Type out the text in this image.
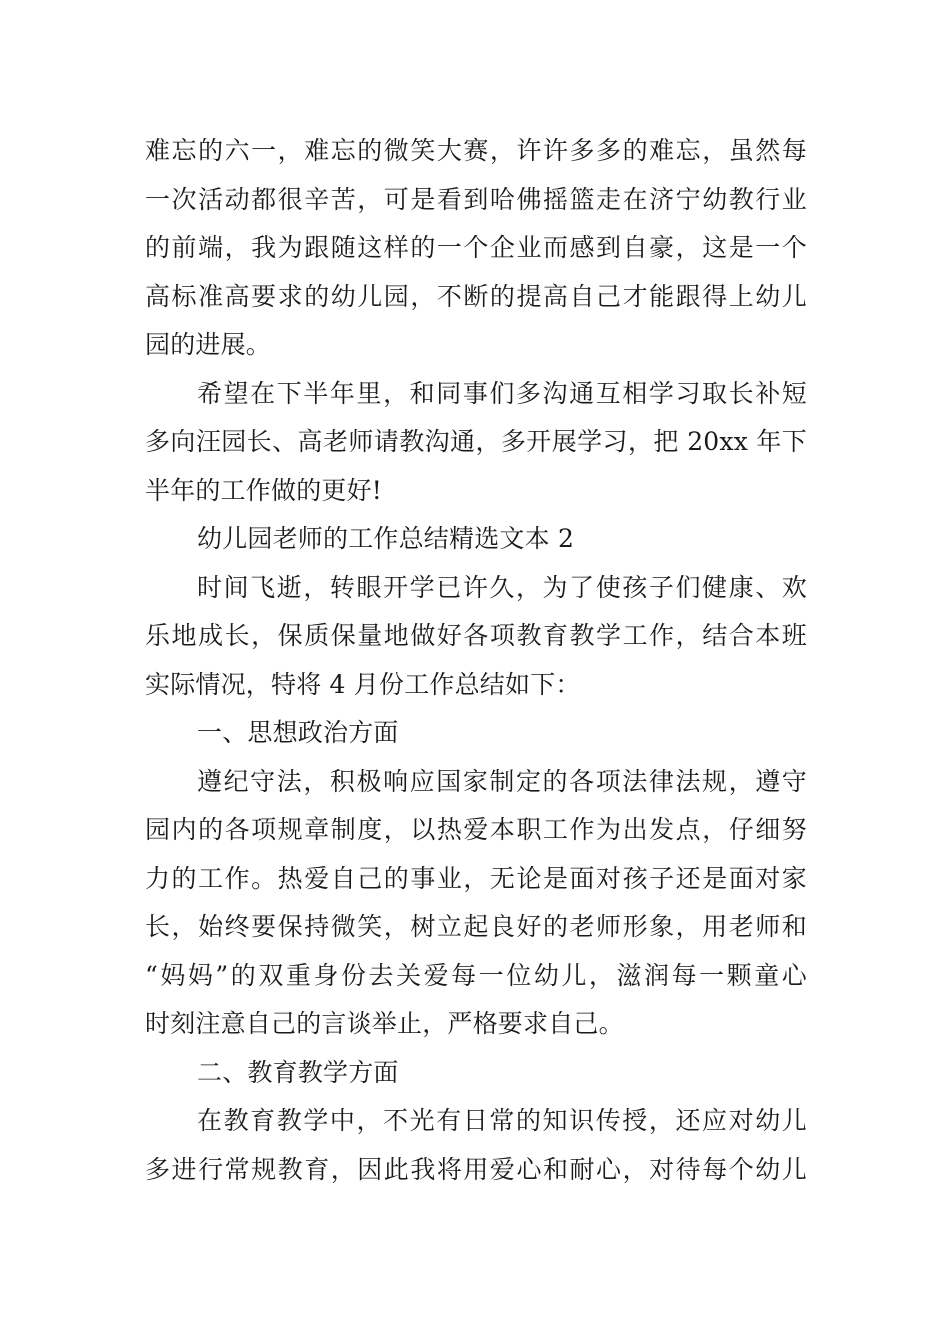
难忘的六一，难忘的微笑大赛，许许多多的难忘，虽然每
一次活动都很辛苦，可是看到哈佛摇篮走在济宁幼教行业
的前端，我为跟随这样的一个企业而感到自豪，这是一个
高标准高要求的幼儿园，不断的提高自己才能跟得上幼儿
园的进展。
希望在下半年里，和同事们多沟通互相学习取长补短
多向汪园长、高老师请教沟通，多开展学习，把 20xx 年下
半年的工作做的更好!
幼儿园老师的工作总结精选文本 2
时间飞逝，转眼开学已许久，为了使孩子们健康、欢
乐地成长，保质保量地做好各项教育教学工作，结合本班
实际情况，特将 4 月份工作总结如下：
一、思想政治方面
遵纪守法，积极响应国家制定的各项法律法规，遵守
园内的各项规章制度，以热爱本职工作为出发点，仔细努
力的工作。热爱自己的事业，无论是面对孩子还是面对家
长，始终要保持微笑，树立起良好的老师形象，用老师和
“妈妈”的双重身份去关爱每一位幼儿，滋润每一颗童心
时刻注意自己的言谈举止，严格要求自己。
二、教育教学方面
在教育教学中，不光有日常的知识传授，还应对幼儿
多进行常规教育，因此我将用爱心和耐心，对待每个幼儿
